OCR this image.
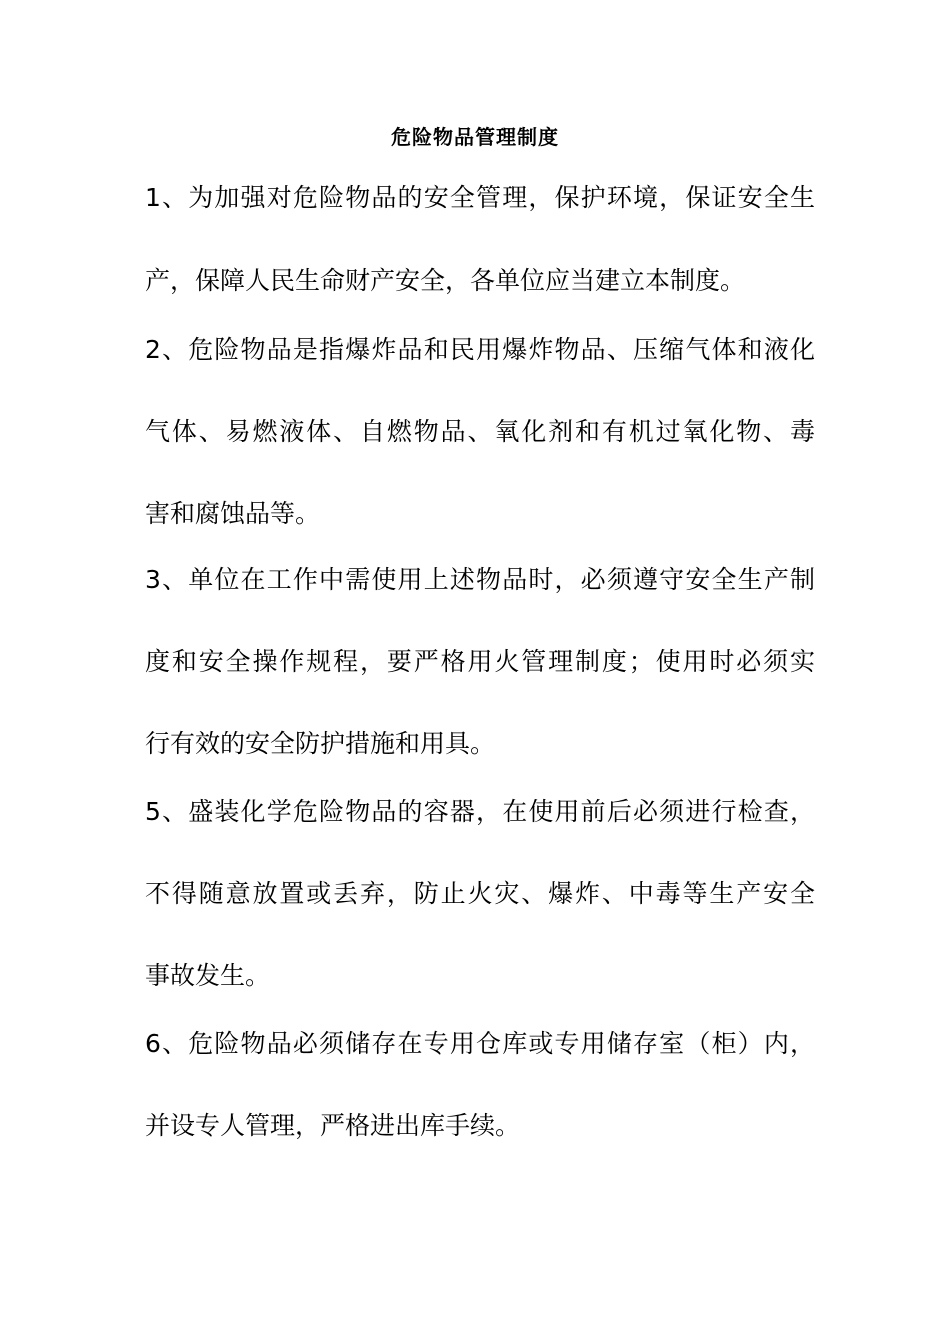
危险物品管理制度
1、为加强对危险物品的安全管理，保护环境，保证安全生
产，保障人民生命财产安全，各单位应当建立本制度。
2、危险物品是指爆炸品和民用爆炸物品、压缩气体和液化
气体、易燃液体、自燃物品、氧化剂和有机过氧化物、毒
害和腐蚀品等。
3、单位在工作中需使用上述物品时，必须遵守安全生产制
度和安全操作规程，要严格用火管理制度；使用时必须实
行有效的安全防护措施和用具。
5、盛装化学危险物品的容器，在使用前后必须进行检查，
不得随意放置或丢弃，防止火灾、爆炸、中毒等生产安全
事故发生。
6、危险物品必须储存在专用仓库或专用储存室（柜）内，
并设专人管理，严格进出库手续。
